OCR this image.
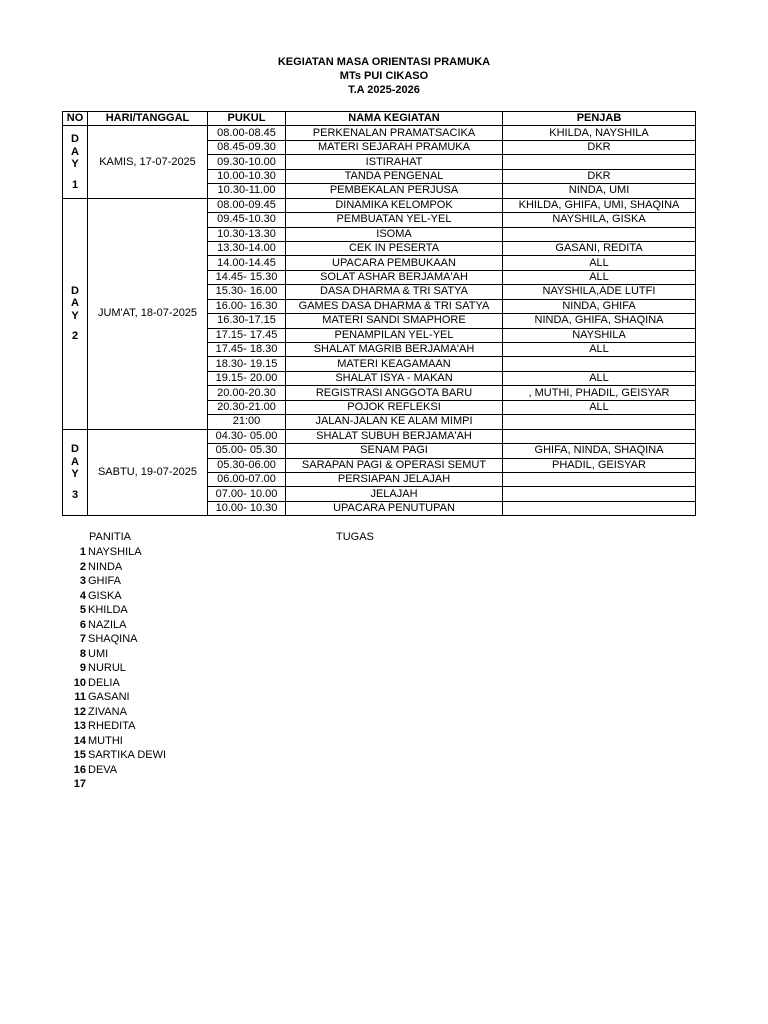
KEGIATAN MASA ORIENTASI PRAMUKA
MTs PUI CIKASO
T.A 2025-2026
NO	HARI/TANGGAL	PUKUL	NAMA KEGIATAN	PENJAB

D
A
Y
1	KAMIS, 17-07-2025	08.00-08.45	PERKENALAN PRAMATSACIKA	KHILDA, NAYSHILA
		08.45-09.30	MATERI SEJARAH PRAMUKA	DKR
		09.30-10.00	ISTIRAHAT	
		10.00-10.30	TANDA PENGENAL	DKR
		10.30-11.00	PEMBEKALAN PERJUSA	NINDA, UMI

D
A
Y
2	JUM'AT, 18-07-2025	08.00-09.45	DINAMIKA KELOMPOK	KHILDA, GHIFA, UMI, SHAQINA
		09.45-10.30	PEMBUATAN YEL-YEL	NAYSHILA, GISKA
		10.30-13.30	ISOMA	
		13.30-14.00	CEK IN PESERTA	GASANI, REDITA
		14.00-14.45	UPACARA PEMBUKAAN	ALL
		14.45- 15.30	SOLAT ASHAR BERJAMA'AH	ALL
		15.30- 16.00	DASA DHARMA & TRI SATYA	NAYSHILA,ADE LUTFI
		16.00- 16.30	GAMES DASA DHARMA & TRI SATYA	NINDA, GHIFA
		16.30-17.15	MATERI SANDI SMAPHORE	NINDA, GHIFA, SHAQINA
		17.15- 17.45	PENAMPILAN YEL-YEL	NAYSHILA
		17.45- 18.30	SHALAT MAGRIB BERJAMA'AH	ALL
		18.30- 19.15	MATERI KEAGAMAAN	
		19.15- 20.00	SHALAT ISYA - MAKAN	ALL
		20.00-20.30	REGISTRASI ANGGOTA BARU	, MUTHI, PHADIL, GEISYAR
		20.30-21.00	POJOK REFLEKSI	ALL
		21:00	JALAN-JALAN KE ALAM MIMPI	

D
A
Y
3	SABTU, 19-07-2025	04.30- 05.00	SHALAT SUBUH BERJAMA'AH	
		05.00- 05.30	SENAM PAGI	GHIFA, NINDA, SHAQINA
		05.30-06.00	SARAPAN PAGI & OPERASI SEMUT	PHADIL, GEISYAR
		06.00-07.00	PERSIAPAN JELAJAH	
		07.00- 10.00	JELAJAH	
		10.00- 10.30	UPACARA PENUTUPAN	
PANITIA	TUGAS
1 NAYSHILA
2 NINDA
3 GHIFA
4 GISKA
5 KHILDA
6 NAZILA
7 SHAQINA
8 UMI
9 NURUL
10 DELIA
11 GASANI
12 ZIVANA
13 RHEDITA
14 MUTHI
15 SARTIKA DEWI
16 DEVA
17
